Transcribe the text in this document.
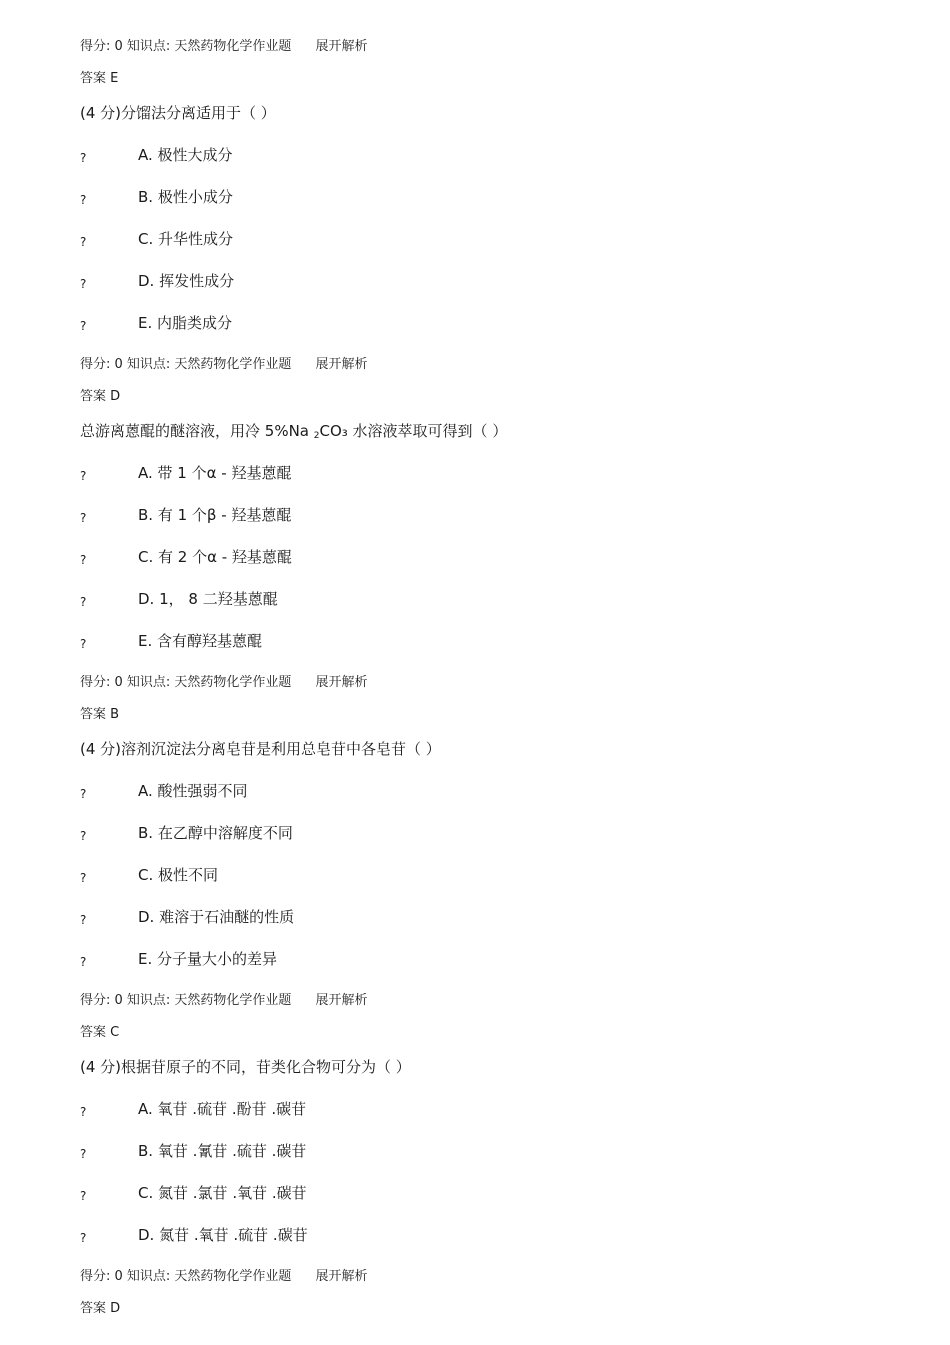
得分: 0 知识点: 天然药物化学作业题 展开解析
答案 E
(4 分)分馏法分离适用于（ ）
?	A. 极性大成分
?	B. 极性小成分
?	C. 升华性成分
?	D. 挥发性成分
?	E. 内脂类成分
得分: 0 知识点: 天然药物化学作业题 展开解析
答案 D
总游离蒽醌的醚溶液，用冷 5%Na $_2$CO₃ 水溶液萃取可得到（ ）
?	A. 带 1 个α - 羟基蒽醌
?	B. 有 1 个β - 羟基蒽醌
?	C. 有 2 个α - 羟基蒽醌
?	D. 1， 8 二羟基蒽醌
?	E. 含有醇羟基蒽醌
得分: 0 知识点: 天然药物化学作业题 展开解析
答案 B
(4 分)溶剂沉淀法分离皂苷是利用总皂苷中各皂苷（ ）
?	A. 酸性强弱不同
?	B. 在乙醇中溶解度不同
?	C. 极性不同
?	D. 难溶于石油醚的性质
?	E. 分子量大小的差异
得分: 0 知识点: 天然药物化学作业题 展开解析
答案 C
(4 分)根据苷原子的不同，苷类化合物可分为（ ）
?	A. 氧苷 .硫苷 .酚苷 .碳苷
?	B. 氧苷 .氰苷 .硫苷 .碳苷
?	C. 氮苷 .氯苷 .氧苷 .碳苷
?	D. 氮苷 .氧苷 .硫苷 .碳苷
得分: 0 知识点: 天然药物化学作业题 展开解析
答案 D
